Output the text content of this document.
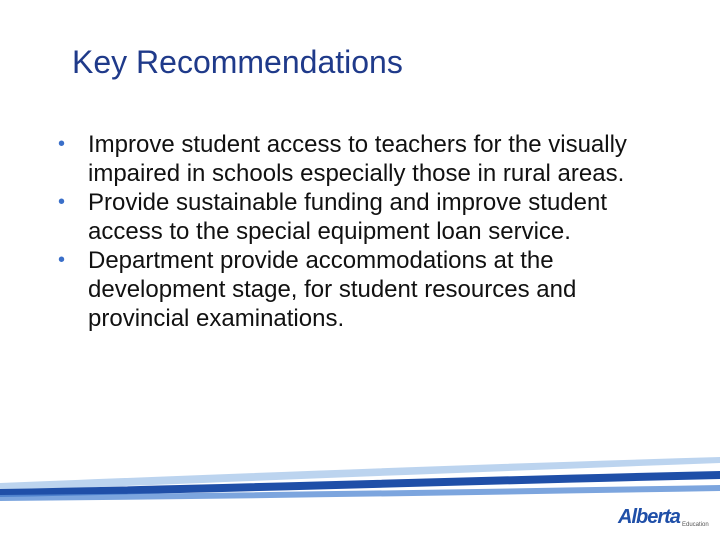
Key Recommendations
• Improve student access to teachers for the visually impaired in schools especially those in rural areas.
• Provide sustainable funding and improve student access to the special equipment loan service.
• Department provide accommodations at the development stage, for student resources and provincial examinations.
Alberta Education
